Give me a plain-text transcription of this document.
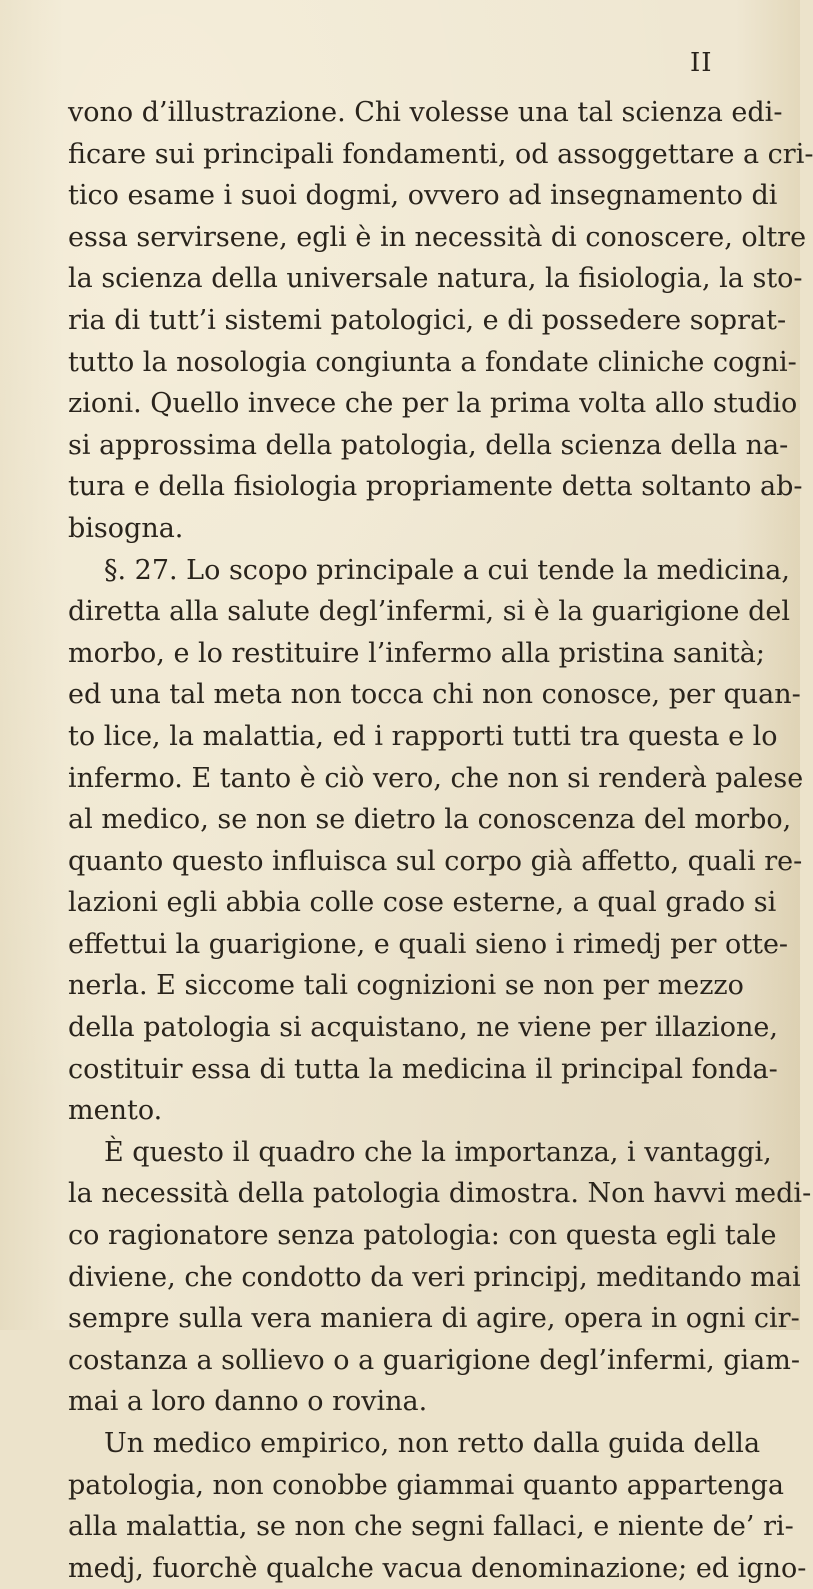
II
vono d’illustrazione. Chi volesse una tal scienza edi-
ficare sui principali fondamenti, od assoggettare a cri-
tico esame i suoi dogmi, ovvero ad insegnamento di
essa servirsene, egli è in necessità di conoscere, oltre
la scienza della universale natura, la fisiologia, la sto-
ria di tutt’i sistemi patologici, e di possedere soprat-
tutto la nosologia congiunta a fondate cliniche cogni-
zioni. Quello invece che per la prima volta allo studio
si approssima della patologia, della scienza della na-
tura e della fisiologia propriamente detta soltanto ab-
bisogna.
§. 27. Lo scopo principale a cui tende la medicina,
diretta alla salute degl’infermi, si è la guarigione del
morbo, e lo restituire l’infermo alla pristina sanità;
ed una tal meta non tocca chi non conosce, per quan-
to lice, la malattia, ed i rapporti tutti tra questa e lo
infermo. E tanto è ciò vero, che non si renderà palese
al medico, se non se dietro la conoscenza del morbo,
quanto questo influisca sul corpo già affetto, quali re-
lazioni egli abbia colle cose esterne, a qual grado si
effettui la guarigione, e quali sieno i rimedj per otte-
nerla. E siccome tali cognizioni se non per mezzo
della patologia si acquistano, ne viene per illazione,
costituir essa di tutta la medicina il principal fonda-
mento.
È questo il quadro che la importanza, i vantaggi,
la necessità della patologia dimostra. Non havvi medi-
co ragionatore senza patologia: con questa egli tale
diviene, che condotto da veri principj, meditando mai
sempre sulla vera maniera di agire, opera in ogni cir-
costanza a sollievo o a guarigione degl’infermi, giam-
mai a loro danno o rovina.
Un medico empirico, non retto dalla guida della
patologia, non conobbe giammai quanto appartenga
alla malattia, se non che segni fallaci, e niente de’ ri-
medj, fuorchè qualche vacua denominazione; ed igno-
